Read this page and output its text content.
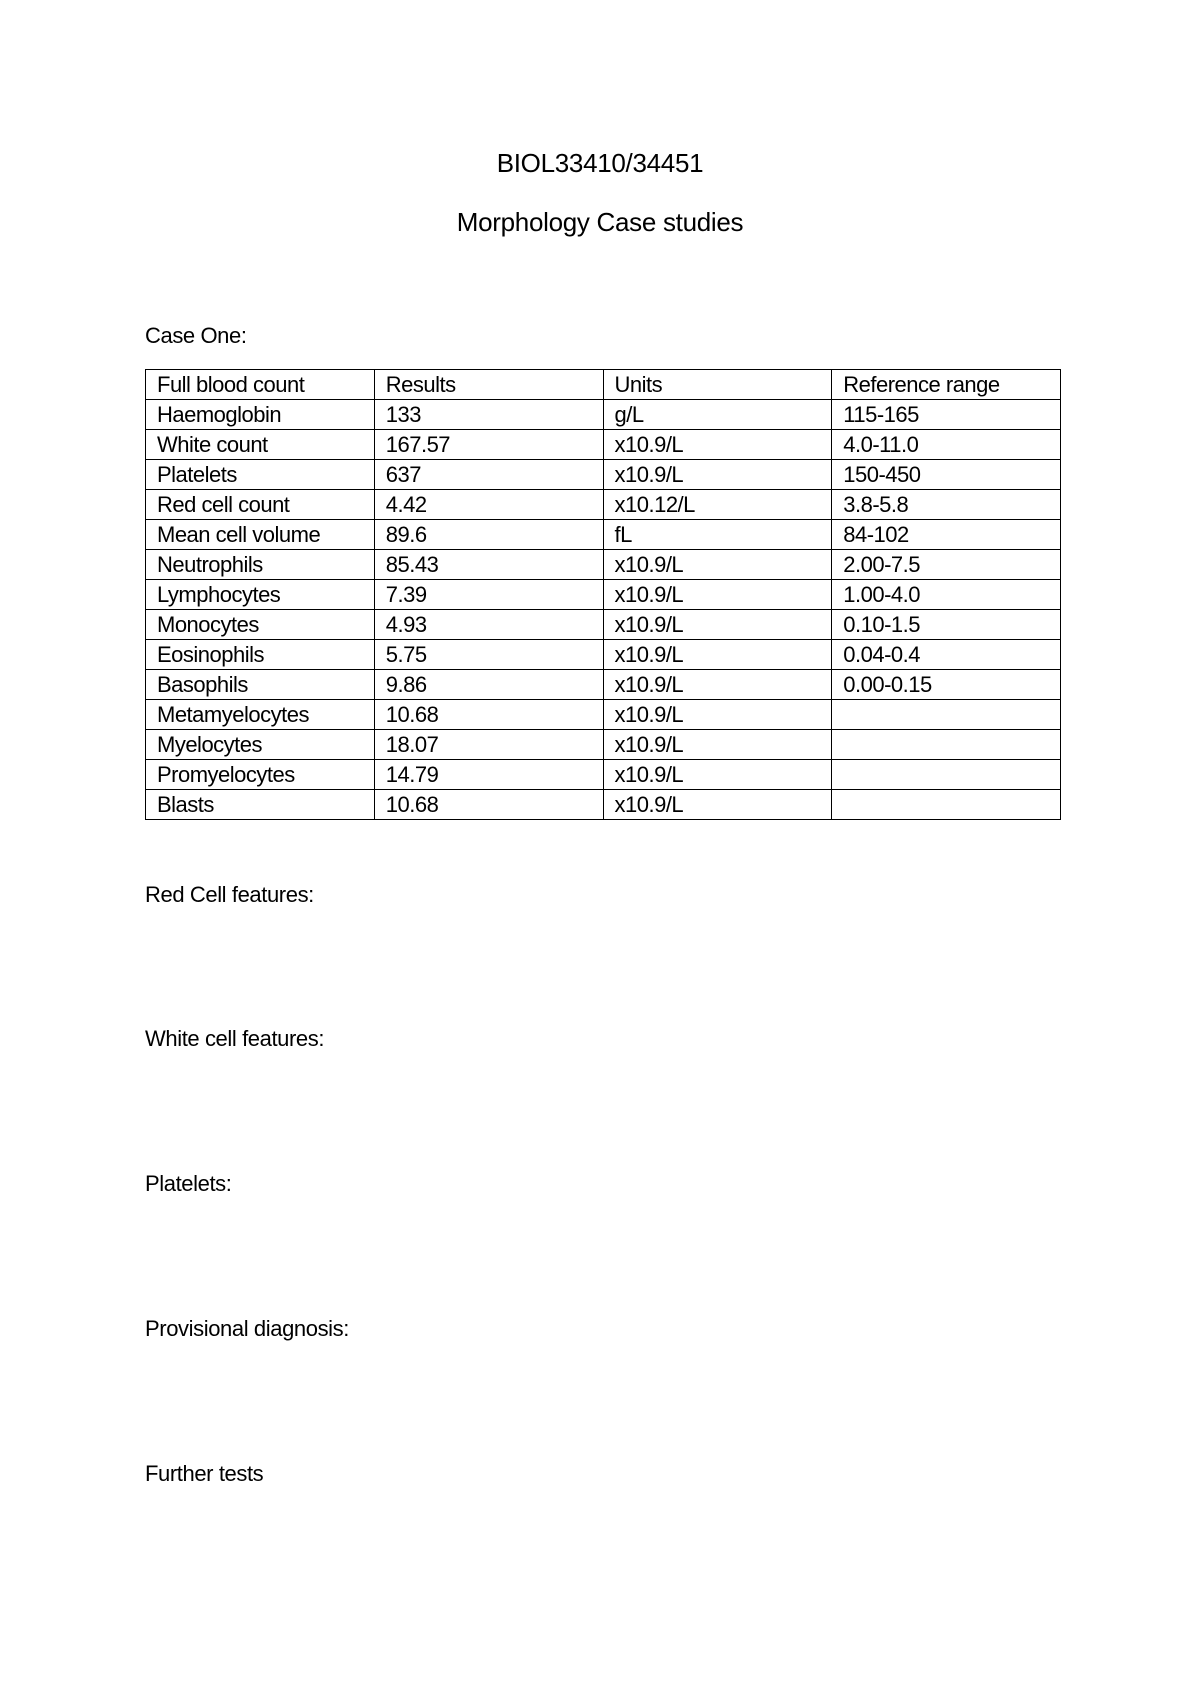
BIOL33410/34451
Morphology Case studies
Case One:
Full blood count	Results	Units	Reference range
Haemoglobin	133	g/L	115-165
White count	167.57	x10.9/L	4.0-11.0
Platelets	637	x10.9/L	150-450
Red cell count	4.42	x10.12/L	3.8-5.8
Mean cell volume	89.6	fL	84-102
Neutrophils	85.43	x10.9/L	2.00-7.5
Lymphocytes	7.39	x10.9/L	1.00-4.0
Monocytes	4.93	x10.9/L	0.10-1.5
Eosinophils	5.75	x10.9/L	0.04-0.4
Basophils	9.86	x10.9/L	0.00-0.15
Metamyelocytes	10.68	x10.9/L	
Myelocytes	18.07	x10.9/L	
Promyelocytes	14.79	x10.9/L	
Blasts	10.68	x10.9/L	
Red Cell features:
White cell features:
Platelets:
Provisional diagnosis:
Further tests
